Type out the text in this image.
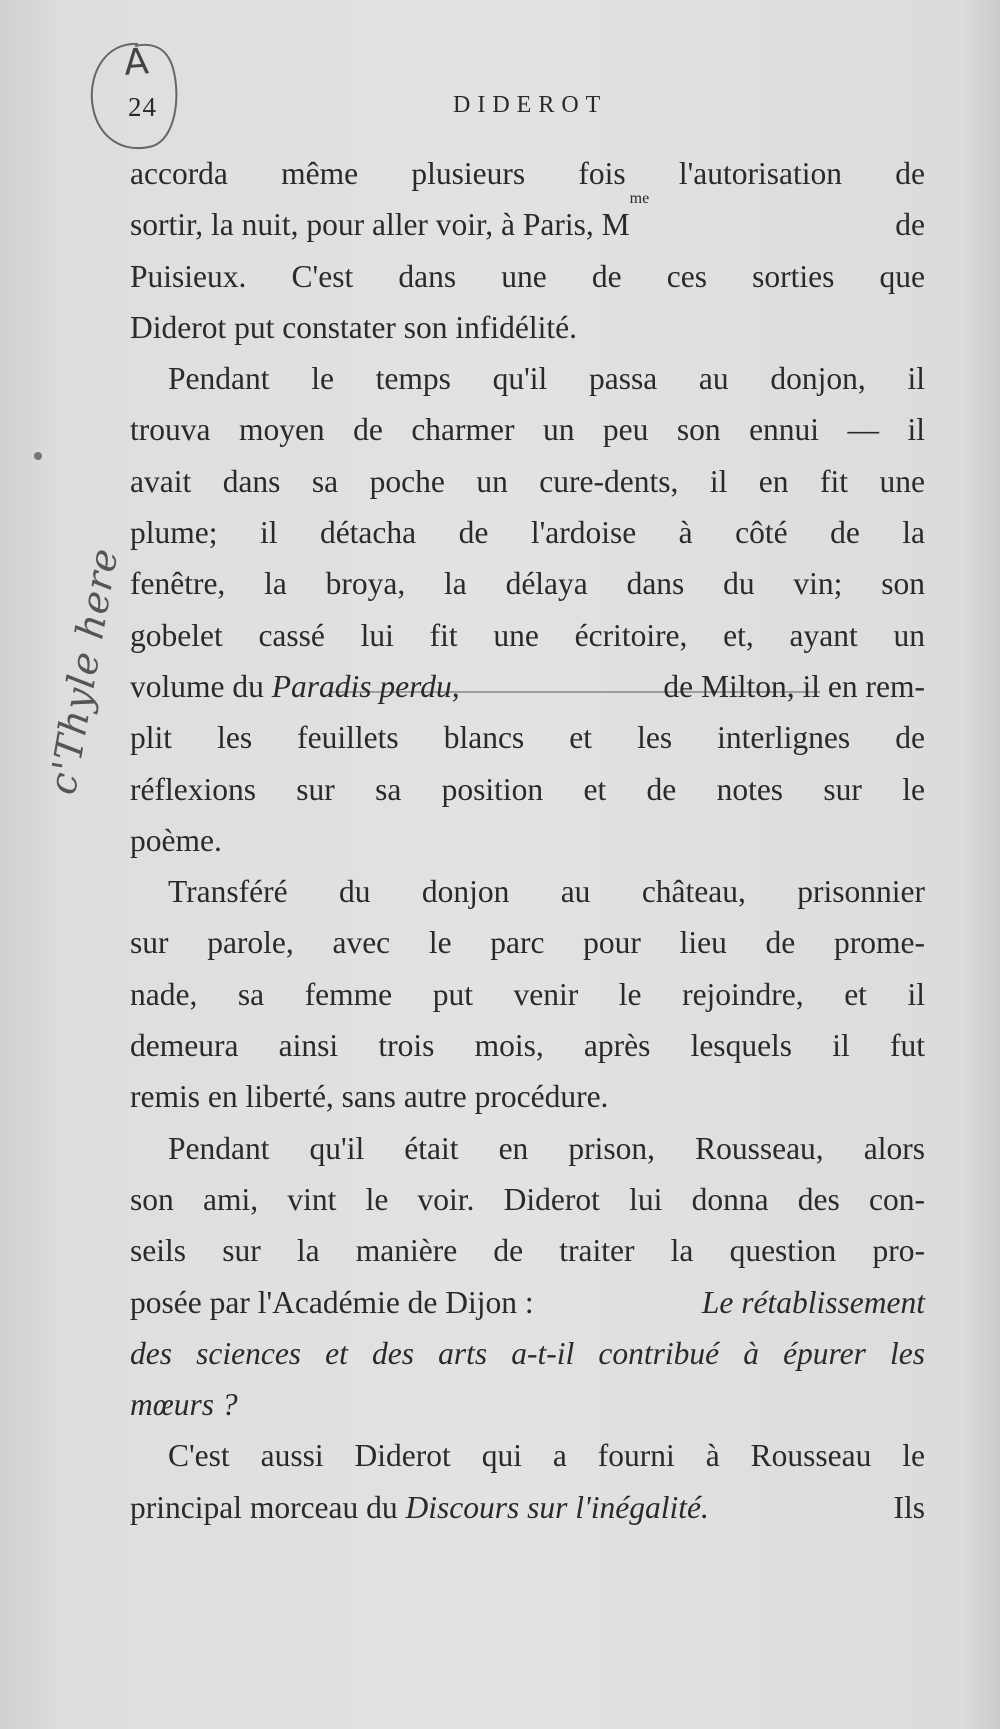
A
c'Thyle here
24	DIDEROT
accorda même plusieurs fois l'autorisation de
sortir, la nuit, pour aller voir, à Paris, M
me
de
Puisieux. C'est dans une de ces sorties que
Diderot put constater son infidélité.
Pendant le temps qu'il passa au donjon, il
trouva moyen de charmer un peu son ennui — il
avait dans sa poche un cure-dents, il en fit une
plume; il détacha de l'ardoise à côté de la
fenêtre, la broya, la délaya dans du vin; son
gobelet cassé lui fit une écritoire, et, ayant un
volume du
Paradis perdu,	de Milton, il en rem-
plit les feuillets blancs et les interlignes de
réflexions sur sa position et de notes sur le
poème.
Transféré du donjon au château, prisonnier
sur parole, avec le parc pour lieu de prome-
nade, sa femme put venir le rejoindre, et il
demeura ainsi trois mois, après lesquels il fut
remis en liberté, sans autre procédure.
Pendant qu'il était en prison, Rousseau, alors
son ami, vint le voir. Diderot lui donna des con-
seils sur la manière de traiter la question pro-
posée par l'Académie de Dijon :	Le rétablissement
des sciences et des arts a-t-il contribué à épurer les
mœurs ?
C'est aussi Diderot qui a fourni à Rousseau le
principal morceau du
Discours sur l'inégalité.	Ils
